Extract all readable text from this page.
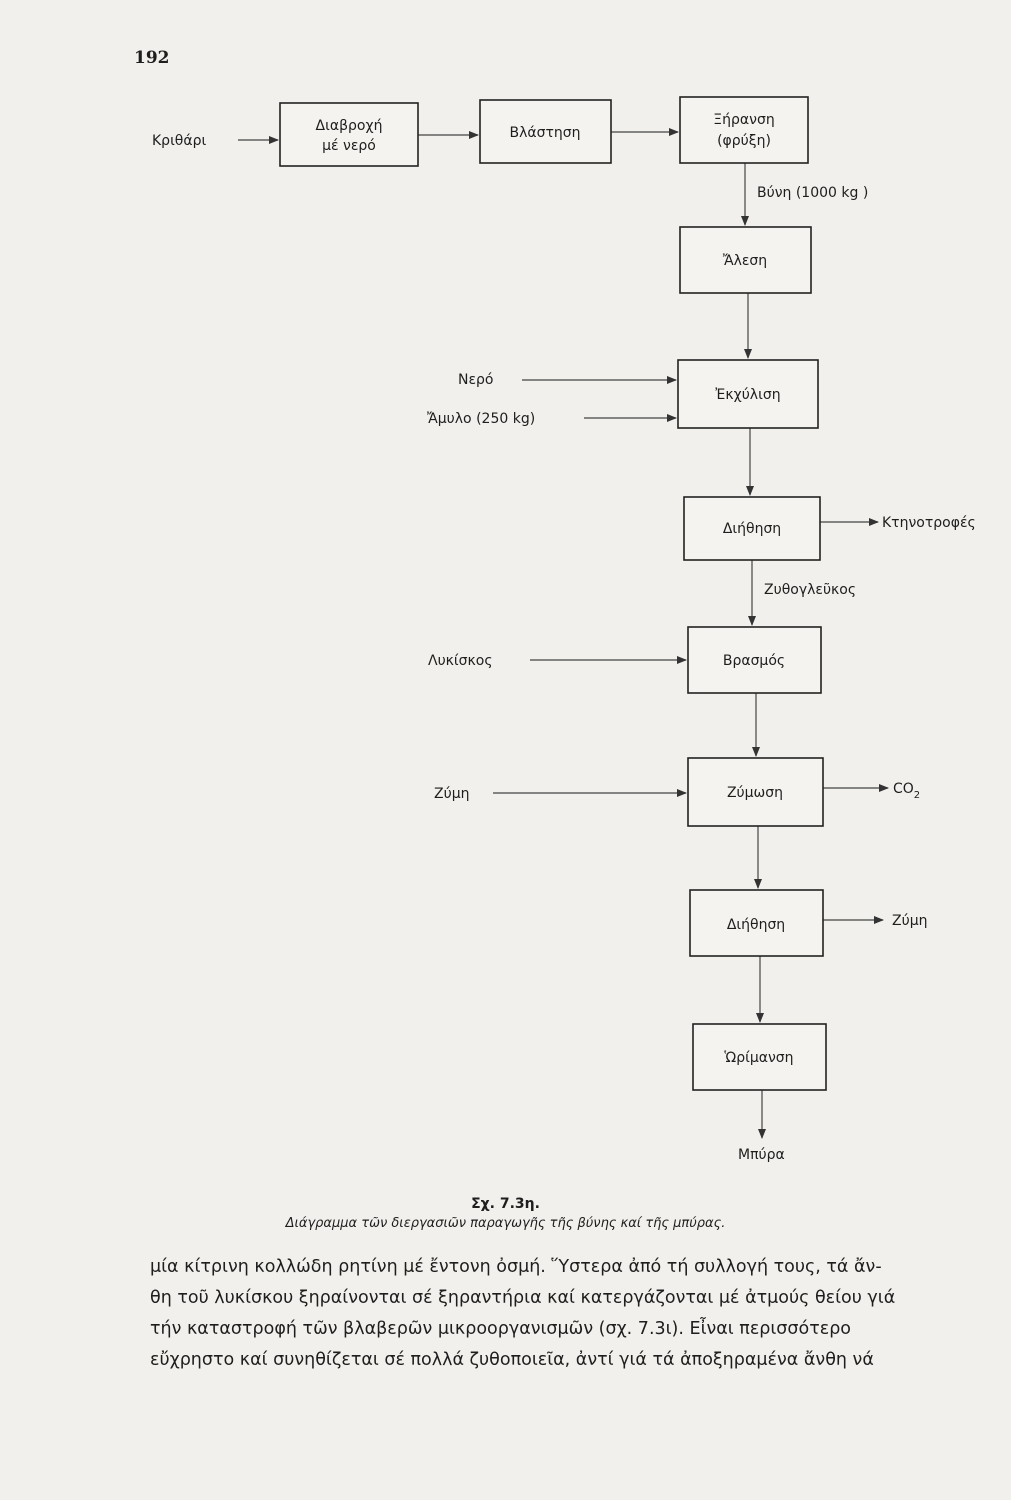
192
Διαβροχή
μέ νερό
Βλάστηση
Ξήρανση
(φρύξη)
Ἄλεση
Ἐκχύλιση
Διήθηση
Βρασμός
Ζύμωση
Διήθηση
Ὡρίμανση
Κριθάρι
Βύνη (1000 kg )
Νερό
Ἄμυλο (250 kg)
Κτηνοτροφές
Ζυθογλεῦκος
Λυκίσκος
Ζύμη	$CO_2$
Ζύμη
Μπύρα
Σχ. 7.3η.
Διάγραμμα τῶν διεργασιῶν παραγωγῆς τῆς βύνης καί τῆς μπύρας.
μία κίτρινη κολλώδη ρητίνη μέ ἔντονη ὀσμή. Ὕστερα ἀπό τή συλλογή τους, τά ἄν-
θη τοῦ λυκίσκου ξηραίνονται σέ ξηραντήρια καί κατεργάζονται μέ ἀτμούς θείου γιά
τήν καταστροφή τῶν βλαβερῶν μικροοργανισμῶν (σχ. 7.3ι). Εἶναι περισσότερο
εὔχρηστο καί συνηθίζεται σέ πολλά ζυθοποιεῖα, ἀντί γιά τά ἀποξηραμένα ἄνθη νά
